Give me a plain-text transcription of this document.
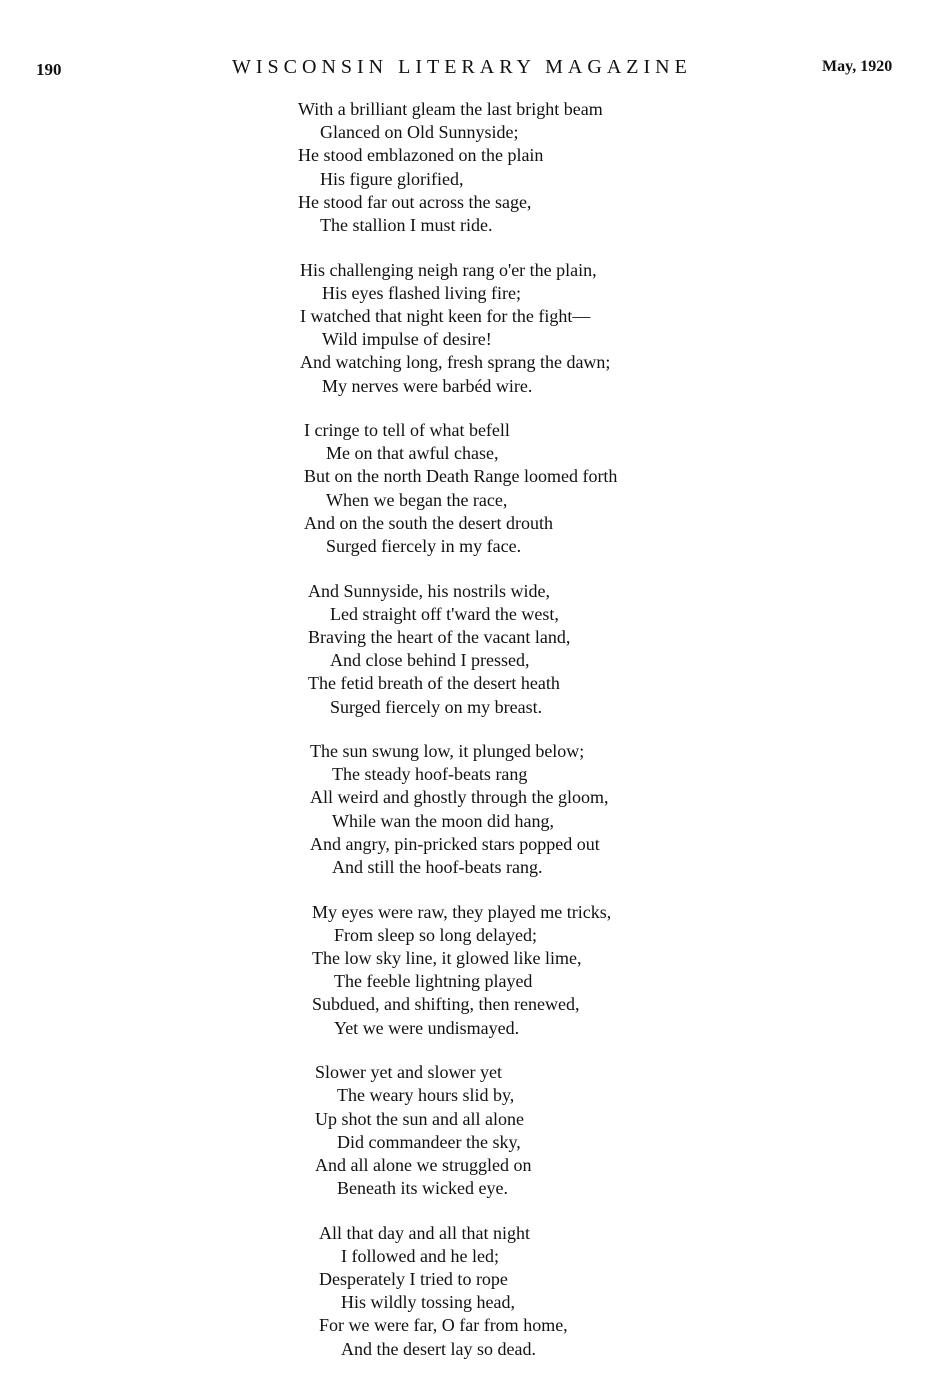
190	WISCONSIN LITERARY MAGAZINE	May, 1920
With a brilliant gleam the last bright beam
Glanced on Old Sunnyside;
He stood emblazoned on the plain
His figure glorified,
He stood far out across the sage,
The stallion I must ride.
His challenging neigh rang o'er the plain,
His eyes flashed living fire;
I watched that night keen for the fight—
Wild impulse of desire!
And watching long, fresh sprang the dawn;
My nerves were barbéd wire.
I cringe to tell of what befell
Me on that awful chase,
But on the north Death Range loomed forth
When we began the race,
And on the south the desert drouth
Surged fiercely in my face.
And Sunnyside, his nostrils wide,
Led straight off t'ward the west,
Braving the heart of the vacant land,
And close behind I pressed,
The fetid breath of the desert heath
Surged fiercely on my breast.
The sun swung low, it plunged below;
The steady hoof-beats rang
All weird and ghostly through the gloom,
While wan the moon did hang,
And angry, pin-pricked stars popped out
And still the hoof-beats rang.
My eyes were raw, they played me tricks,
From sleep so long delayed;
The low sky line, it glowed like lime,
The feeble lightning played
Subdued, and shifting, then renewed,
Yet we were undismayed.
Slower yet and slower yet
The weary hours slid by,
Up shot the sun and all alone
Did commandeer the sky,
And all alone we struggled on
Beneath its wicked eye.
All that day and all that night
I followed and he led;
Desperately I tried to rope
His wildly tossing head,
For we were far, O far from home,
And the desert lay so dead.
